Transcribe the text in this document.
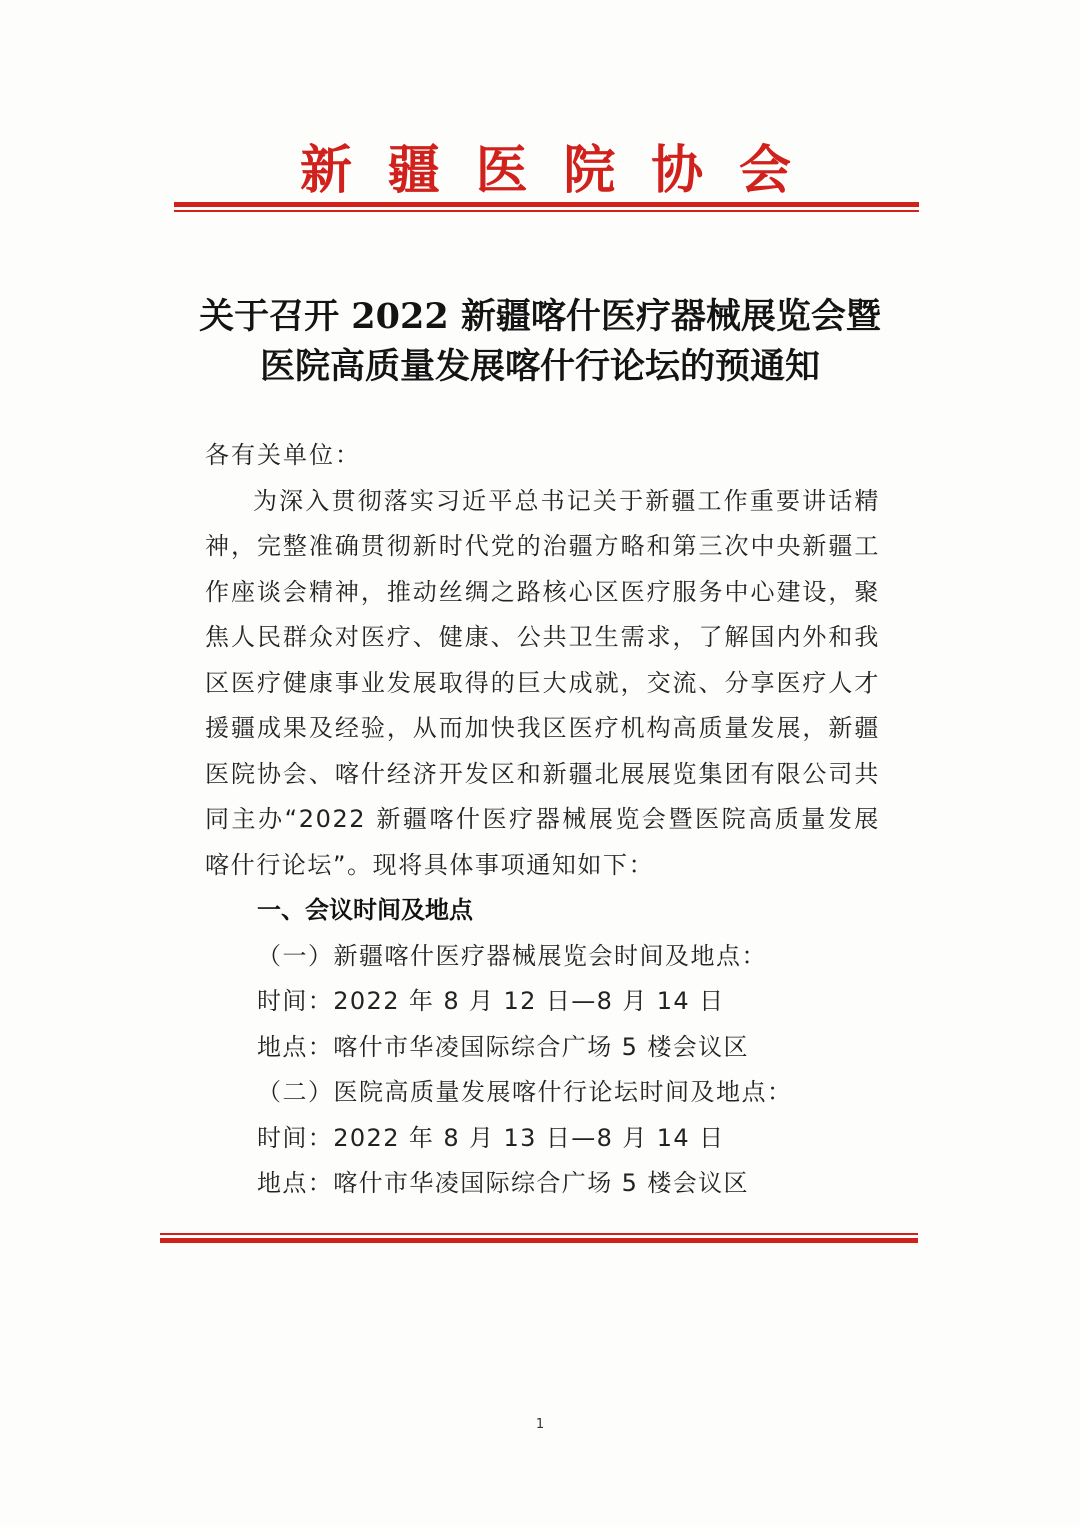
新 疆 医 院 协 会
关于召开 2022 新疆喀什医疗器械展览会暨
医院高质量发展喀什行论坛的预通知

各有关单位：

为深入贯彻落实习近平总书记关于新疆工作重要讲话精神，完整准确贯彻新时代党的治疆方略和第三次中央新疆工作座谈会精神，推动丝绸之路核心区医疗服务中心建设，聚焦人民群众对医疗、健康、公共卫生需求，了解国内外和我区医疗健康事业发展取得的巨大成就，交流、分享医疗人才援疆成果及经验，从而加快我区医疗机构高质量发展，新疆医院协会、喀什经济开发区和新疆北展展览集团有限公司共同主办“2022 新疆喀什医疗器械展览会暨医院高质量发展喀什行论坛”。现将具体事项通知如下：

一、会议时间及地点

（一）新疆喀什医疗器械展览会时间及地点：

时间：2022 年 8 月 12 日—8 月 14 日

地点：喀什市华凌国际综合广场 5 楼会议区

（二）医院高质量发展喀什行论坛时间及地点：

时间：2022 年 8 月 13 日—8 月 14 日

地点：喀什市华凌国际综合广场 5 楼会议区

1
